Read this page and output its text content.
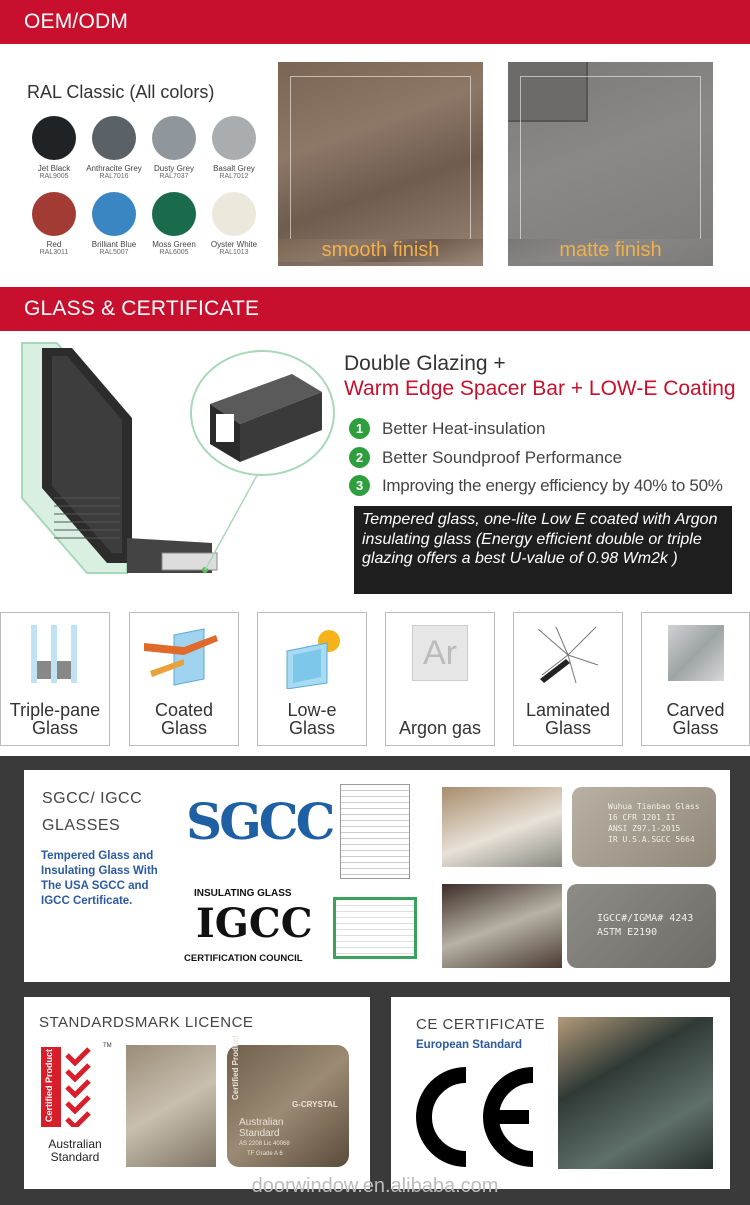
OEM/ODM
RAL Classic (All colors)
Jet Black
RAL9005
Anthracite Grey
RAL7016
Dusty Grey
RAL7037
Basalt Grey
RAL7012
Red
RAL3011
Brilliant Blue
RAL5007
Moss Green
RAL6005
Oyster White
RAL1013	smooth finish	matte finish
GLASS & CERTIFICATE
Double Glazing +
Warm Edge Spacer Bar + LOW-E Coating
1	Better Heat-insulation
2	Better Soundproof Performance
3	Improving the energy efficiency by 40% to 50%
Tempered glass, one-lite Low E coated with Argon insulating glass (Energy efficient double or triple glazing offers a best U-value of 0.98 Wm2k )
Triple-pane
Glass
Coated
Glass
Low-e
Glass
Ar
Argon gas
Laminated
Glass
Carved
Glass
SGCC/ IGCC
GLASSES
Tempered Glass and Insulating Glass With The USA SGCC and IGCC Certificate.
SGCC
INSULATING GLASS
IGCC
CERTIFICATION COUNCIL
Wuhua Tianbao Glass
16 CFR 1201 II
ANSI Z97.1-2015
IR U.S.A.SGCC 5664
IGCC#/IGMA# 4243
ASTM E2190
STANDARDSMARK LICENCE
Certified Product
TM
Australian Standard
Certified Product
G-CRYSTAL
Australian Standard
AS 2208 Lic 40068
TF Grade A 6
CE CERTIFICATE
European Standard
doorwindow.en.alibaba.com
